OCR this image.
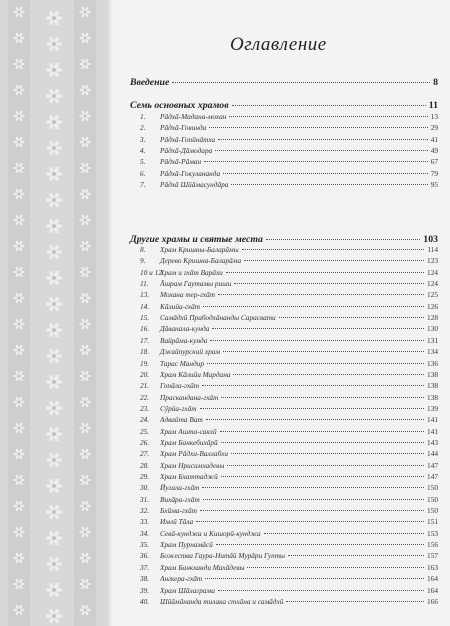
Оглавление
Введение	8
Семь основных храмов	11
1. Рāдхā-Мадана-мохан	13
2. Рāдхā-Говинда	29
3. Рāдхā-Гопӣнāтха	41
4. Рāдхā-Дāмодара	49
5. Рāдхā-Рāман	67
6. Рāдхā-Гокулананда	79
7. Рāдхā Шйāмасундāра	95
Другие храмы и святые места	103
8. Храм Кришны-Баларāмы	114
9. Дерево Кришна-Баларāма	123
10 и 12.Храм и гхāт Варāхи	124
11. Āшрам Гаутамы риши	124
13. Мохана тер-гхāт	125
14. Кāлийа-гхāт	126
15. Самāдхӣ Прабодхāнанды Сарасвати	128
16. Дāванала-кунда	130
17. Вайрāма-кунда	131
18. Джайпурский храм	134
19. Тарас Мандир	136
20. Храм Кāлийи Мардана	138
21. Гопāла-гхāт	138
22. Праскандана-гхāт	138
23. Сӯрйа-гхāт	139
24. Адвайта Ват	141
25. Храм Ашта-сакхӣ	141
26. Храм Банкебихāрӣ	143
27. Храм Рāдхи-Валлабхи	144
28. Храм Нрисимхадевы	147
29. Храм Бхаттаджӣ	147
30. Йугала-гхāт	150
31. Вихāра-гхāт	150
32. Бхӣма-гхāт	150
33. Имлӣ Тāла	151
34. Севā-кунджа и Кишорӣ-кунджа	153
35. Храм Пурнамāсӣ	156
36. Божества Гаура-Нитāй Мурāри Гупты	157
37. Храм Банкханди Махāдевы	163
38. Ангкера-гхāт	164
39. Храм Шāлаграма	164
40. Шйāмāнанда тилака стхāна и самāдхӣ	166
